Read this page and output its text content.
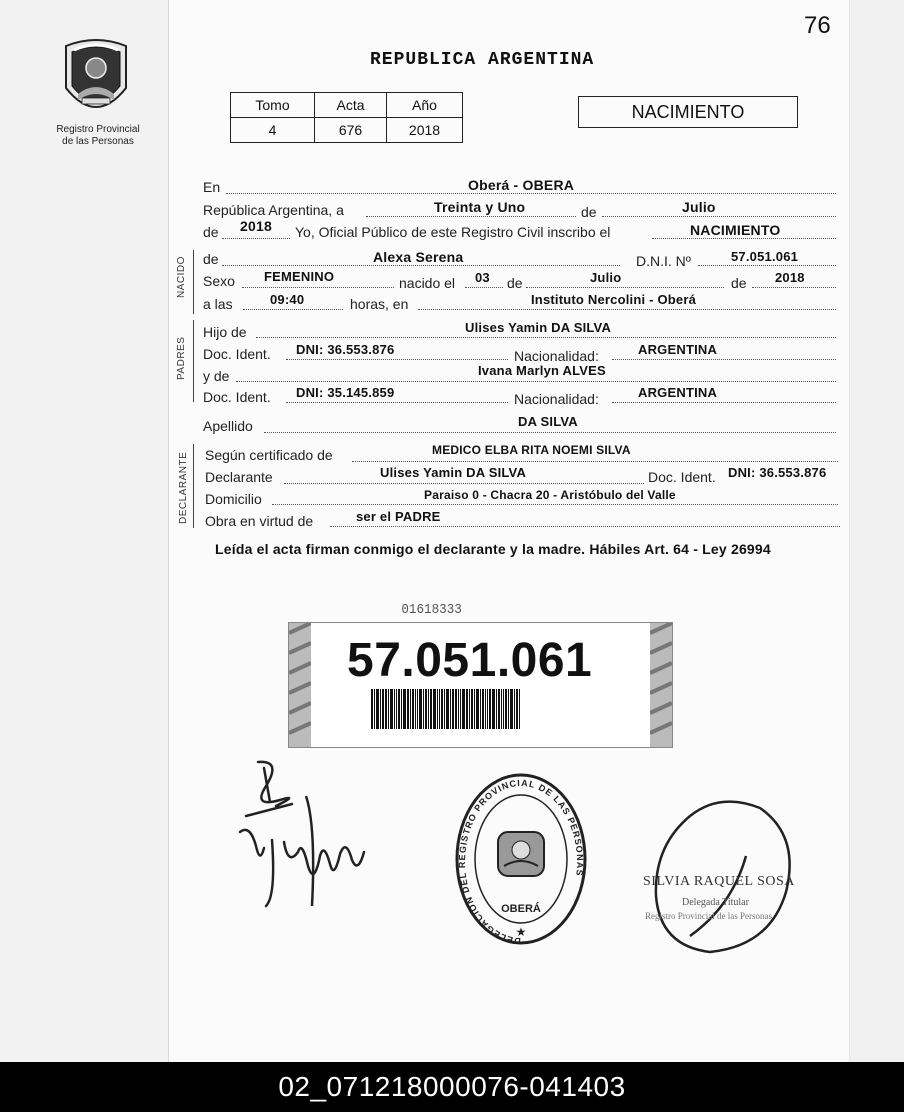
76
Registro Provincial
de las Personas
REPUBLICA ARGENTINA
Tomo	Acta	Año
4	676	2018
NACIMIENTO
En	Oberá - OBERA
República Argentina, a	Treinta y Uno	de	Julio
de 2018 Yo, Oficial Público de este Registro Civil inscribo el	NACIMIENTO
NACIDO de	Alexa Serena	D.N.I. Nº	57.051.061
Sexo FEMENINO	nacido el 03 de	Julio	de 2018
a las	09:40	horas, en	Instituto Nercolini - Oberá
PADRES
Hijo de	Ulises Yamin DA SILVA
Doc. Ident. DNI: 36.553.876	Nacionalidad:	ARGENTINA
y de	Ivana Marlyn ALVES
Doc. Ident. DNI: 35.145.859	Nacionalidad:	ARGENTINA
Apellido	DA SILVA
DECLARANTE Según certificado de	MEDICO ELBA RITA NOEMI SILVA
Declarante	Ulises Yamin DA SILVA	Doc. Ident. DNI: 36.553.876
Domicilio	Paraiso 0 - Chacra 20 - Aristóbulo del Valle
Obra en virtud de	ser el PADRE
Leída el acta firman conmigo el declarante y la madre. Hábiles Art. 64 - Ley 26994
01618333
57.051.061
DELEGACION DEL REGISTRO PROVINCIAL DE LAS PERSONAS
OBERÁ
★
SILVIA RAQUEL SOSA
Delegada Titular
Registro Provincial de las Personas
02_071218000076-041403
